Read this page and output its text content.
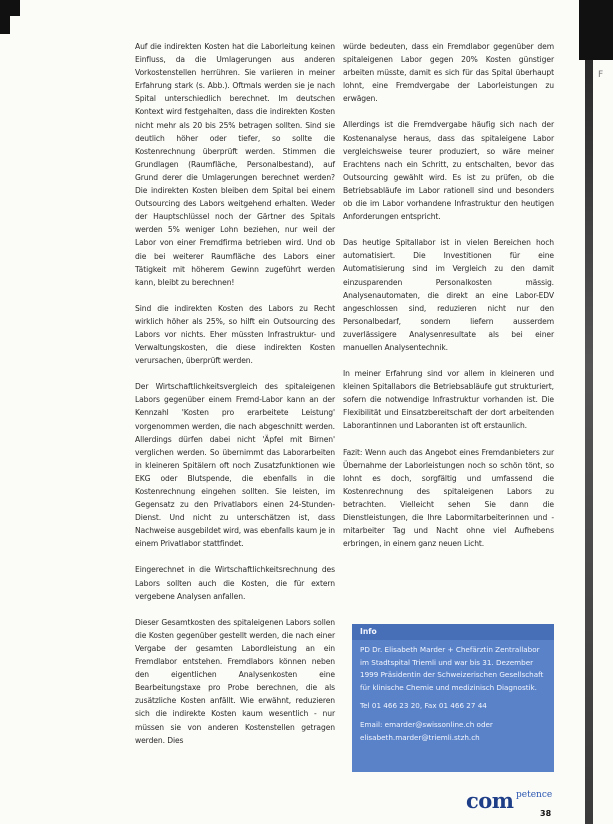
F

Auf die indirekten Kosten hat die Laborleitung keinen Einfluss, da die Umlagerungen aus anderen Vorkostenstellen herrühren. Sie variieren in meiner Erfahrung stark (s. Abb.). Oftmals werden sie je nach Spital unterschiedlich berechnet. Im deutschen Kontext wird festgehalten, dass die indirekten Kosten nicht mehr als 20 bis 25% betragen sollten. Sind sie deutlich höher oder tiefer, so sollte die Kostenrechnung überprüft werden. Stimmen die Grundlagen (Raumfläche, Personalbestand), auf Grund derer die Umlagerungen berechnet werden? Die indirekten Kosten bleiben dem Spital bei einem Outsourcing des Labors weitgehend erhalten. Weder der Hauptschlüssel noch der Gärtner des Spitals werden 5% weniger Lohn beziehen, nur weil der Labor von einer Fremdfirma betrieben wird. Und ob die bei weiterer Raumfläche des Labors einer Tätigkeit mit höherem Gewinn zugeführt werden kann, bleibt zu berechnen!

Sind die indirekten Kosten des Labors zu Recht wirklich höher als 25%, so hilft ein Outsourcing des Labors vor nichts. Eher müssten Infrastruktur- und Verwaltungskosten, die diese indirekten Kosten verursachen, überprüft werden.

Der Wirtschaftlichkeitsvergleich des spitaleigenen Labors gegenüber einem Fremd-Labor kann an der Kennzahl 'Kosten pro erarbeitete Leistung' vorgenommen werden, die nach abgeschnitt werden. Allerdings dürfen dabei nicht 'Äpfel mit Birnen' verglichen werden. So übernimmt das Laborarbeiten in kleineren Spitälern oft noch Zusatzfunktionen wie EKG oder Blutspende, die ebenfalls in die Kostenrechnung eingehen sollten. Sie leisten, im Gegensatz zu den Privatlabors einen 24-Stunden-Dienst. Und nicht zu unterschätzen ist, dass Nachweise ausgebildet wird, was ebenfalls kaum je in einem Privatlabor stattfindet.

Eingerechnet in die Wirtschaftlichkeitsrechnung des Labors sollten auch die Kosten, die für extern vergebene Analysen anfallen.

Dieser Gesamtkosten des spitaleigenen Labors sollen die Kosten gegenüber gestellt werden, die nach einer Vergabe der gesamten Labordleistung an ein Fremdlabor entstehen. Fremdlabors können neben den eigentlichen Analysenkosten eine Bearbeitungstaxe pro Probe berechnen, die als zusätzliche Kosten anfällt. Wie erwähnt, reduzieren sich die indirekte Kosten kaum wesentlich - nur müssen sie von anderen Kostenstellen getragen werden. Dies

würde bedeuten, dass ein Fremdlabor gegenüber dem spitaleigenen Labor gegen 20% Kosten günstiger arbeiten müsste, damit es sich für das Spital überhaupt lohnt, eine Fremdvergabe der Laborleistungen zu erwägen.

Allerdings ist die Fremdvergabe häufig sich nach der Kostenanalyse heraus, dass das spitaleigene Labor vergleichsweise teurer produziert, so wäre meiner Erachtens nach ein Schritt, zu entschalten, bevor das Outsourcing gewählt wird. Es ist zu prüfen, ob die Betriebsabläufe im Labor rationell sind und besonders ob die im Labor vorhandene Infrastruktur den heutigen Anforderungen entspricht.

Das heutige Spitallabor ist in vielen Bereichen hoch automatisiert. Die Investitionen für eine Automatisierung sind im Vergleich zu den damit einzusparenden Personalkosten mässig. Analysenautomaten, die direkt an eine Labor-EDV angeschlossen sind, reduzieren nicht nur den Personalbedarf, sondern liefern ausserdem zuverlässigere Analysenresultate als bei einer manuellen Analysentechnik.

In meiner Erfahrung sind vor allem in kleineren und kleinen Spitallabors die Betriebsabläufe gut strukturiert, sofern die notwendige Infrastruktur vorhanden ist. Die Flexibilität und Einsatzbereitschaft der dort arbeitenden Laborantinnen und Laboranten ist oft erstaunlich.

Fazit: Wenn auch das Angebot eines Fremdanbieters zur Übernahme der Laborleistungen noch so schön tönt, so lohnt es doch, sorgfältig und umfassend die Kostenrechnung des spitaleigenen Labors zu betrachten. Vielleicht sehen Sie dann die Dienstleistungen, die Ihre Labormitarbeiterinnen und -mitarbeiter Tag und Nacht ohne viel Aufhebens erbringen, in einem ganz neuen Licht.

Info

PD Dr. Elisabeth Marder + Chefärztin Zentrallabor im Stadtspital Triemli und war bis 31. Dezember 1999 Präsidentin der Schweizerischen Gesellschaft für klinische Chemie und medizinisch Diagnostik.

Tel 01 466 23 20, Fax 01 466 27 44

Email: emarder@swissonline.ch oder elisabeth.marder@triemli.stzh.ch

com petence
38
